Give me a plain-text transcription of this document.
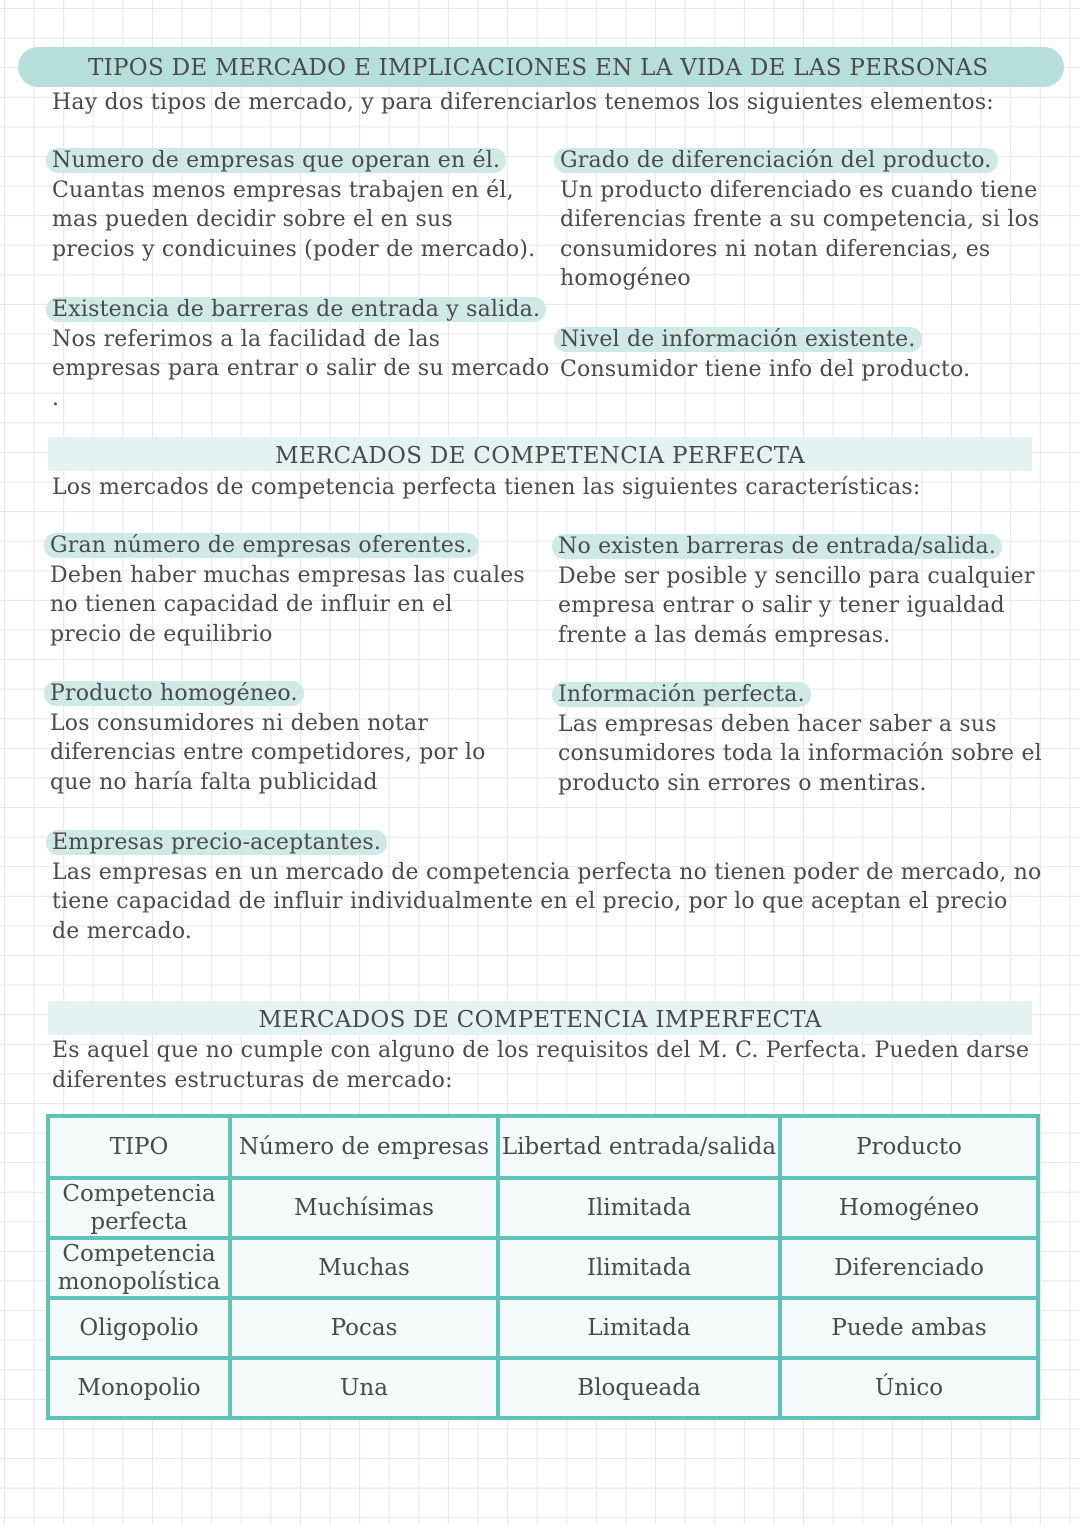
TIPOS DE MERCADO E IMPLICACIONES EN LA VIDA DE LAS PERSONAS

Hay dos tipos de mercado, y para diferenciarlos tenemos los siguientes elementos:

Numero de empresas que operan en él.

Cuantas menos empresas trabajen en él, mas pueden decidir sobre el en sus precios y condicuines (poder de mercado).

Grado de diferenciación del producto.

Un producto diferenciado es cuando tiene diferencias frente a su competencia, si los consumidores ni notan diferencias, es homogéneo

Existencia de barreras de entrada y salida.

Nos referimos a la facilidad de las empresas para entrar o salir de su mercado .

Nivel de información existente.

Consumidor tiene info del producto.

MERCADOS DE COMPETENCIA PERFECTA

Los mercados de competencia perfecta tienen las siguientes características:

Gran número de empresas oferentes.

Deben haber muchas empresas las cuales no tienen capacidad de influir en el precio de equilibrio

No existen barreras de entrada/salida.

Debe ser posible y sencillo para cualquier empresa entrar o salir y tener igualdad frente a las demás empresas.

Producto homogéneo.

Los consumidores ni deben notar diferencias entre competidores, por lo que no haría falta publicidad

Información perfecta.

Las empresas deben hacer saber a sus consumidores toda la información sobre el producto sin errores o mentiras.

Empresas precio-aceptantes.

Las empresas en un mercado de competencia perfecta no tienen poder de mercado, no tiene capacidad de influir individualmente en el precio, por lo que aceptan el precio de mercado.

MERCADOS DE COMPETENCIA IMPERFECTA

Es aquel que no cumple con alguno de los requisitos del M. C. Perfecta. Pueden darse diferentes estructuras de mercado:

TIPO	Número de empresas	Libertad entrada/salida	Producto
Competencia perfecta	Muchísimas	Ilimitada	Homogéneo
Competencia monopolística	Muchas	Ilimitada	Diferenciado
Oligopolio	Pocas	Limitada	Puede ambas
Monopolio	Una	Bloqueada	Único
